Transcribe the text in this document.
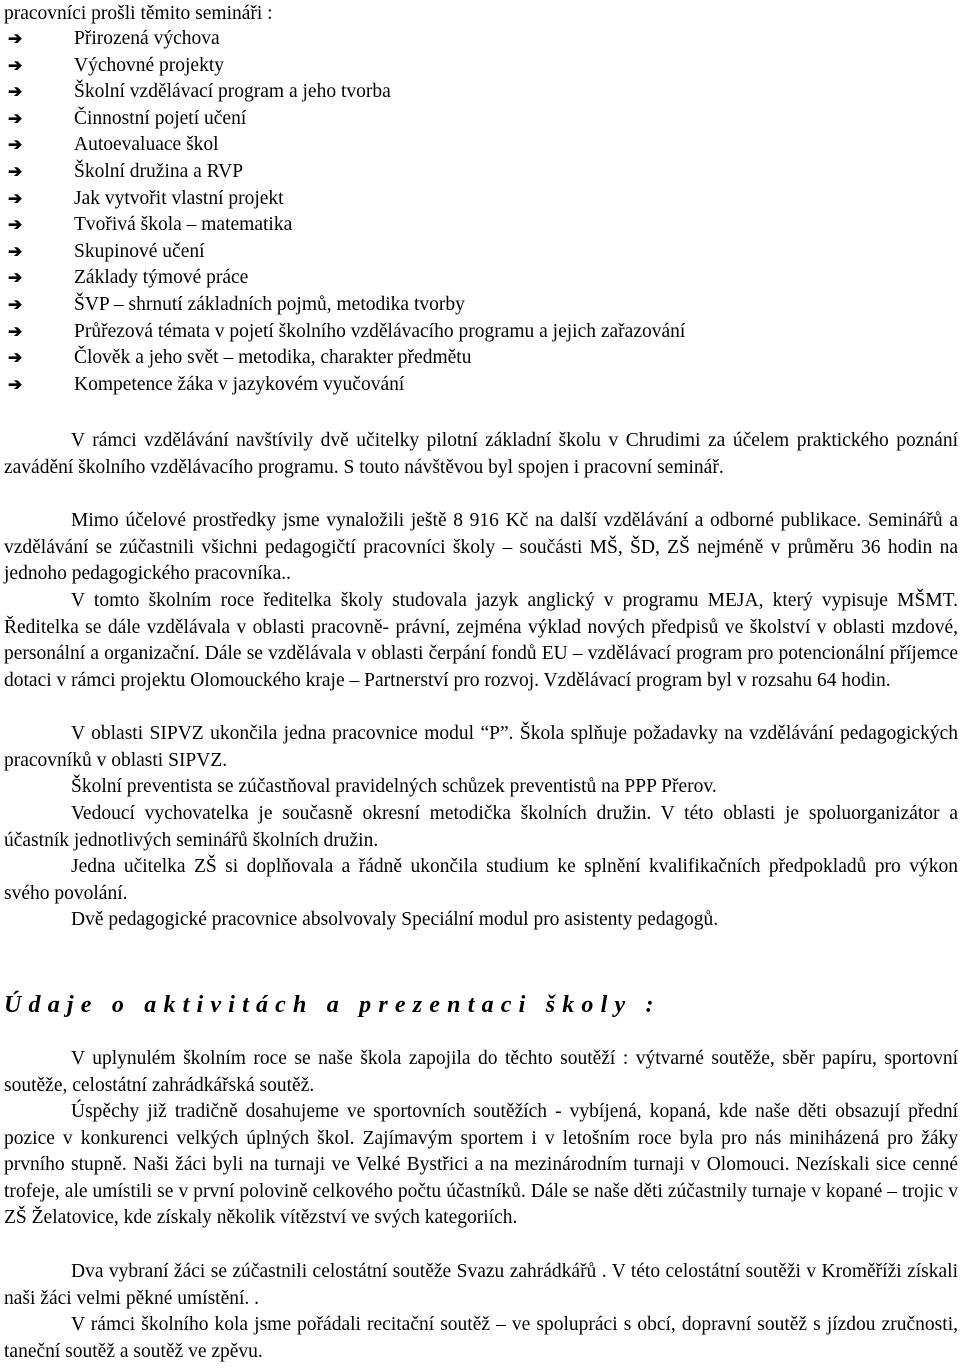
pracovníci prošli těmito semináři :
➔	Přirozená výchova
➔	Výchovné projekty
➔	Školní vzdělávací program a jeho tvorba
➔	Činnostní pojetí učení
➔	Autoevaluace škol
➔	Školní družina a RVP
➔	Jak vytvořit vlastní projekt
➔	Tvořivá škola – matematika
➔	Skupinové učení
➔	Základy týmové práce
➔	ŠVP – shrnutí základních pojmů, metodika tvorby
➔	Průřezová témata v pojetí školního vzdělávacího programu a jejich zařazování
➔	Člověk a jeho svět – metodika, charakter předmětu
➔	Kompetence žáka v jazykovém vyučování
V rámci vzdělávání navštívily dvě učitelky pilotní základní školu v Chrudimi za účelem praktického poznání zavádění školního vzdělávacího programu. S touto návštěvou byl spojen i pracovní seminář.
Mimo účelové prostředky jsme vynaložili ještě 8 916 Kč na další vzdělávání a odborné publikace. Seminářů a vzdělávání se zúčastnili všichni pedagogičtí pracovníci školy – součásti MŠ, ŠD, ZŠ nejméně v průměru 36 hodin na jednoho pedagogického pracovníka..
V tomto školním roce ředitelka školy studovala jazyk anglický v programu MEJA, který vypisuje MŠMT. Ředitelka se dále vzdělávala v oblasti pracovně- právní, zejména výklad nových předpisů ve školství v oblasti mzdové, personální a organizační. Dále se vzdělávala v oblasti čerpání fondů EU – vzdělávací program pro potencionální příjemce dotaci v rámci projektu Olomouckého kraje – Partnerství pro rozvoj. Vzdělávací program byl v rozsahu 64 hodin.
V oblasti SIPVZ ukončila jedna pracovnice modul “P”. Škola splňuje požadavky na vzdělávání pedagogických pracovníků v oblasti SIPVZ.
Školní preventista se zúčastňoval pravidelných schůzek preventistů na PPP Přerov.
Vedoucí vychovatelka je současně okresní metodička školních družin. V této oblasti je spoluorganizátor a účastník jednotlivých seminářů školních družin.
Jedna učitelka ZŠ si doplňovala a řádně ukončila studium ke splnění kvalifikačních předpokladů pro výkon svého povolání.
Dvě pedagogické pracovnice absolvovaly Speciální modul pro asistenty pedagogů.
Údaje o aktivitách a prezentaci školy :
V uplynulém školním roce se naše škola zapojila do těchto soutěží : výtvarné soutěže, sběr papíru, sportovní soutěže, celostátní zahrádkářská soutěž.
Úspěchy již tradičně dosahujeme ve sportovních soutěžích - vybíjená, kopaná, kde naše děti obsazují přední pozice v konkurenci velkých úplných škol. Zajímavým sportem i v letošním roce byla pro nás miniházená pro žáky prvního stupně. Naši žáci byli na turnaji ve Velké Bystřici a na mezinárodním turnaji v Olomouci. Nezískali sice cenné trofeje, ale umístili se v první polovině celkového počtu účastníků. Dále se naše děti zúčastnily turnaje v kopané – trojic v ZŠ Želatovice, kde získaly několik vítězství ve svých kategoriích.
Dva vybraní žáci se zúčastnili celostátní soutěže Svazu zahrádkářů . V této celostátní soutěži v Kroměříži získali naši žáci velmi pěkné umístění. .
V rámci školního kola jsme pořádali recitační soutěž – ve spolupráci s obcí, dopravní soutěž s jízdou zručnosti, taneční soutěž a soutěž ve zpěvu.
